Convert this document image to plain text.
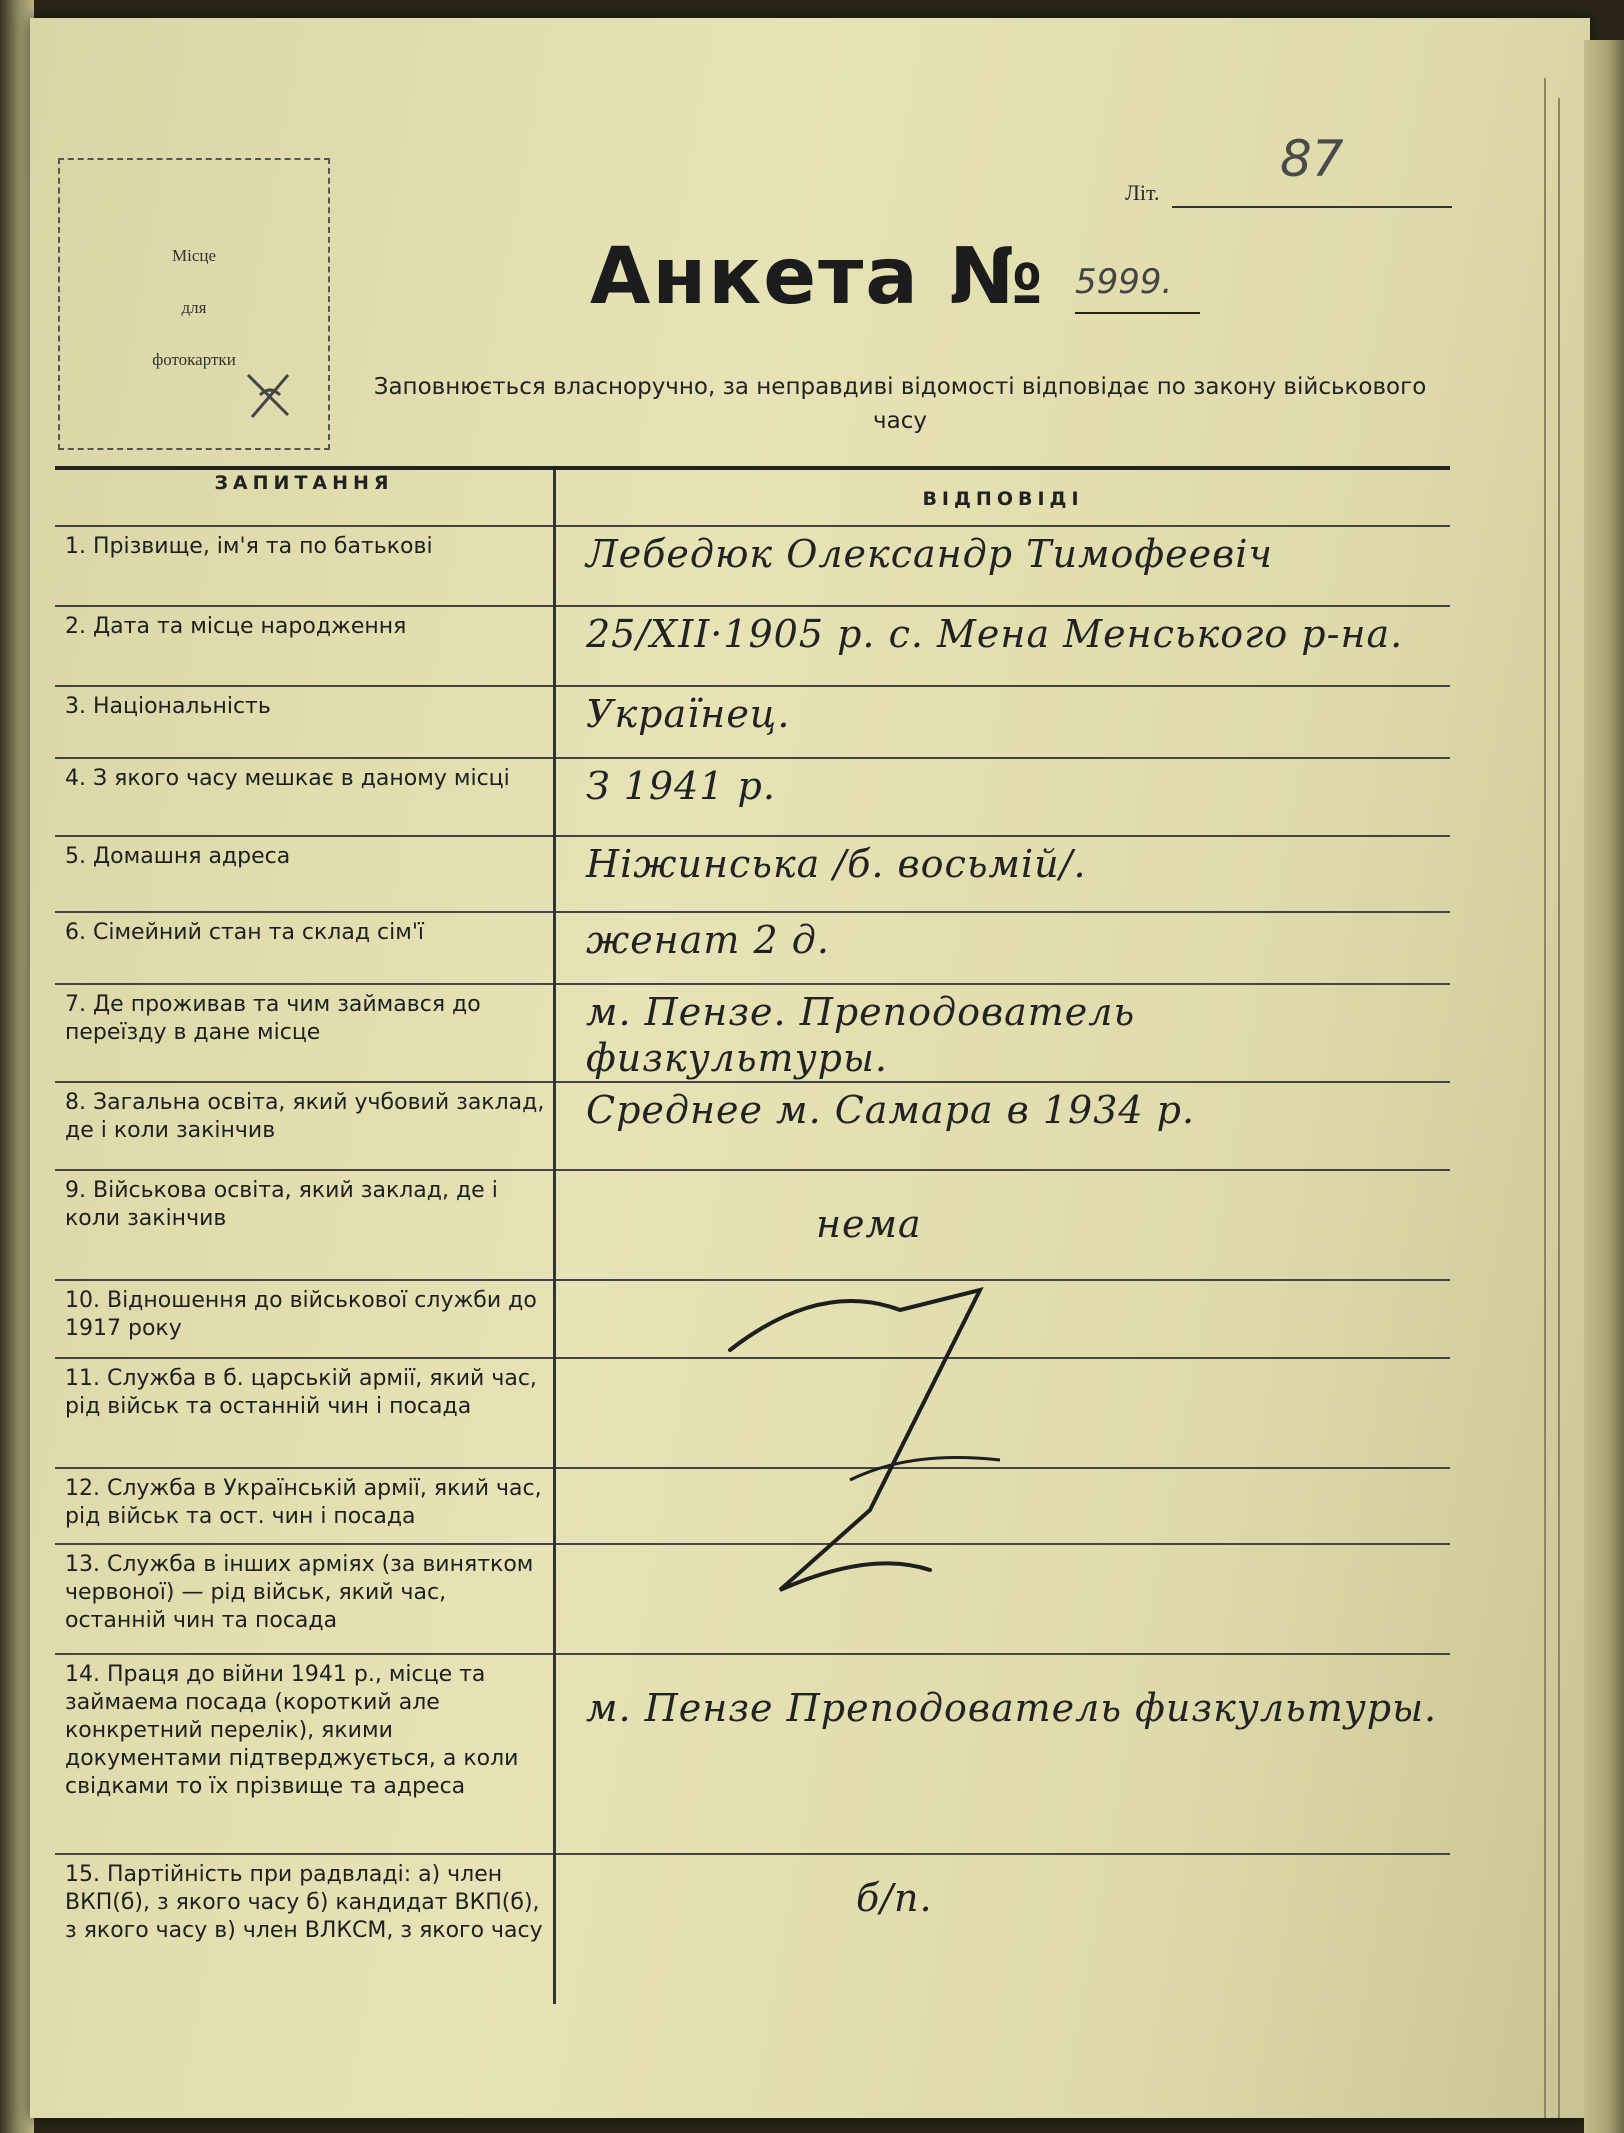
Місце
для
фотокартки
Літ.
87
Анкета № 5999.
Заповнюється власноручно, за неправдиві відомості відповідає по закону військового часу
ЗАПИТАННЯ	ВІДПОВІДІ
1. Прізвище, ім'я та по батькові	Лебедюк Олександр Тимофеевіч
2. Дата та місце народження	25/XII·1905 р. с. Мена Менського р-на.
3. Національність	Українец.
4. З якого часу мешкає в даному місці	З 1941 р.
5. Домашня адреса	Ніжинська /б. восьмій/.
6. Сімейний стан та склад сім'ї	женат 2 д.
7. Де проживав та чим займався до переїзду в дане місце	м. Пензе. Преподователь физкультуры.
8. Загальна освіта, який учбовий заклад, де і коли закінчив	Среднее м. Самара в 1934 р.
9. Військова освіта, який заклад, де і коли закінчив	нема
10. Відношення до військової служби до 1917 року	
11. Служба в б. царській армії, який час, рід військ та останній чин і посада	
12. Служба в Українській армії, який час, рід військ та ост. чин і посада	
13. Служба в інших арміях (за винятком червоної) — рід військ, який час, останній чин та посада	
14. Праця до війни 1941 р., місце та займаема посада (короткий але конкретний перелік), якими документами підтверджується, а коли свідками то їх прізвище та адреса	м. Пензе Преподователь физкультуры.
15. Партійність при радвладі: а) член ВКП(б), з якого часу б) кандидат ВКП(б), з якого часу в) член ВЛКСМ, з якого часу	б/п.
